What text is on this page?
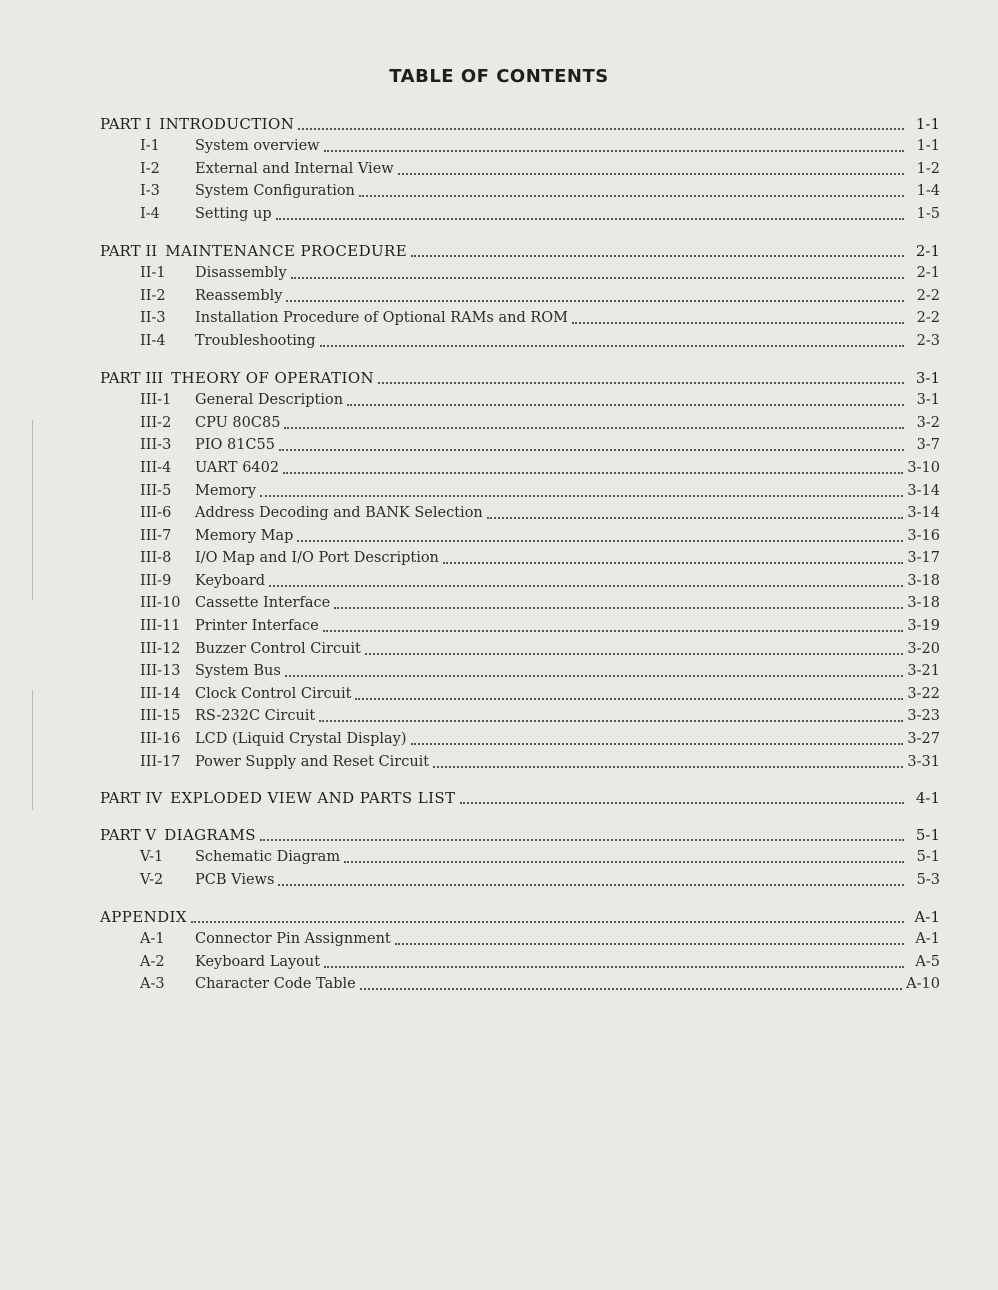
TABLE OF CONTENTS
PART I INTRODUCTION	1-1
I-1	System overview	1-1
I-2	External and Internal View	1-2
I-3	System Configuration	1-4
I-4	Setting up	1-5
PART II MAINTENANCE PROCEDURE	2-1
II-1	Disassembly	2-1
II-2	Reassembly	2-2
II-3	Installation Procedure of Optional RAMs and ROM	2-2
II-4	Troubleshooting	2-3
PART III THEORY OF OPERATION	3-1
III-1	General Description	3-1
III-2	CPU 80C85	3-2
III-3	PIO 81C55	3-7
III-4	UART 6402	3-10
III-5	Memory	3-14
III-6	Address Decoding and BANK Selection	3-14
III-7	Memory Map	3-16
III-8	I/O Map and I/O Port Description	3-17
III-9	Keyboard	3-18
III-10 Cassette Interface	3-18
III-11 Printer Interface	3-19
III-12 Buzzer Control Circuit	3-20
III-13 System Bus	3-21
III-14 Clock Control Circuit	3-22
III-15 RS-232C Circuit	3-23
III-16 LCD (Liquid Crystal Display)	3-27
III-17 Power Supply and Reset Circuit	3-31
PART IV EXPLODED VIEW AND PARTS LIST	4-1
PART V DIAGRAMS	5-1
V-1	Schematic Diagram	5-1
V-2	PCB Views	5-3
APPENDIX	A-1
A-1	Connector Pin Assignment	A-1
A-2	Keyboard Layout	A-5
A-3	Character Code Table	A-10
